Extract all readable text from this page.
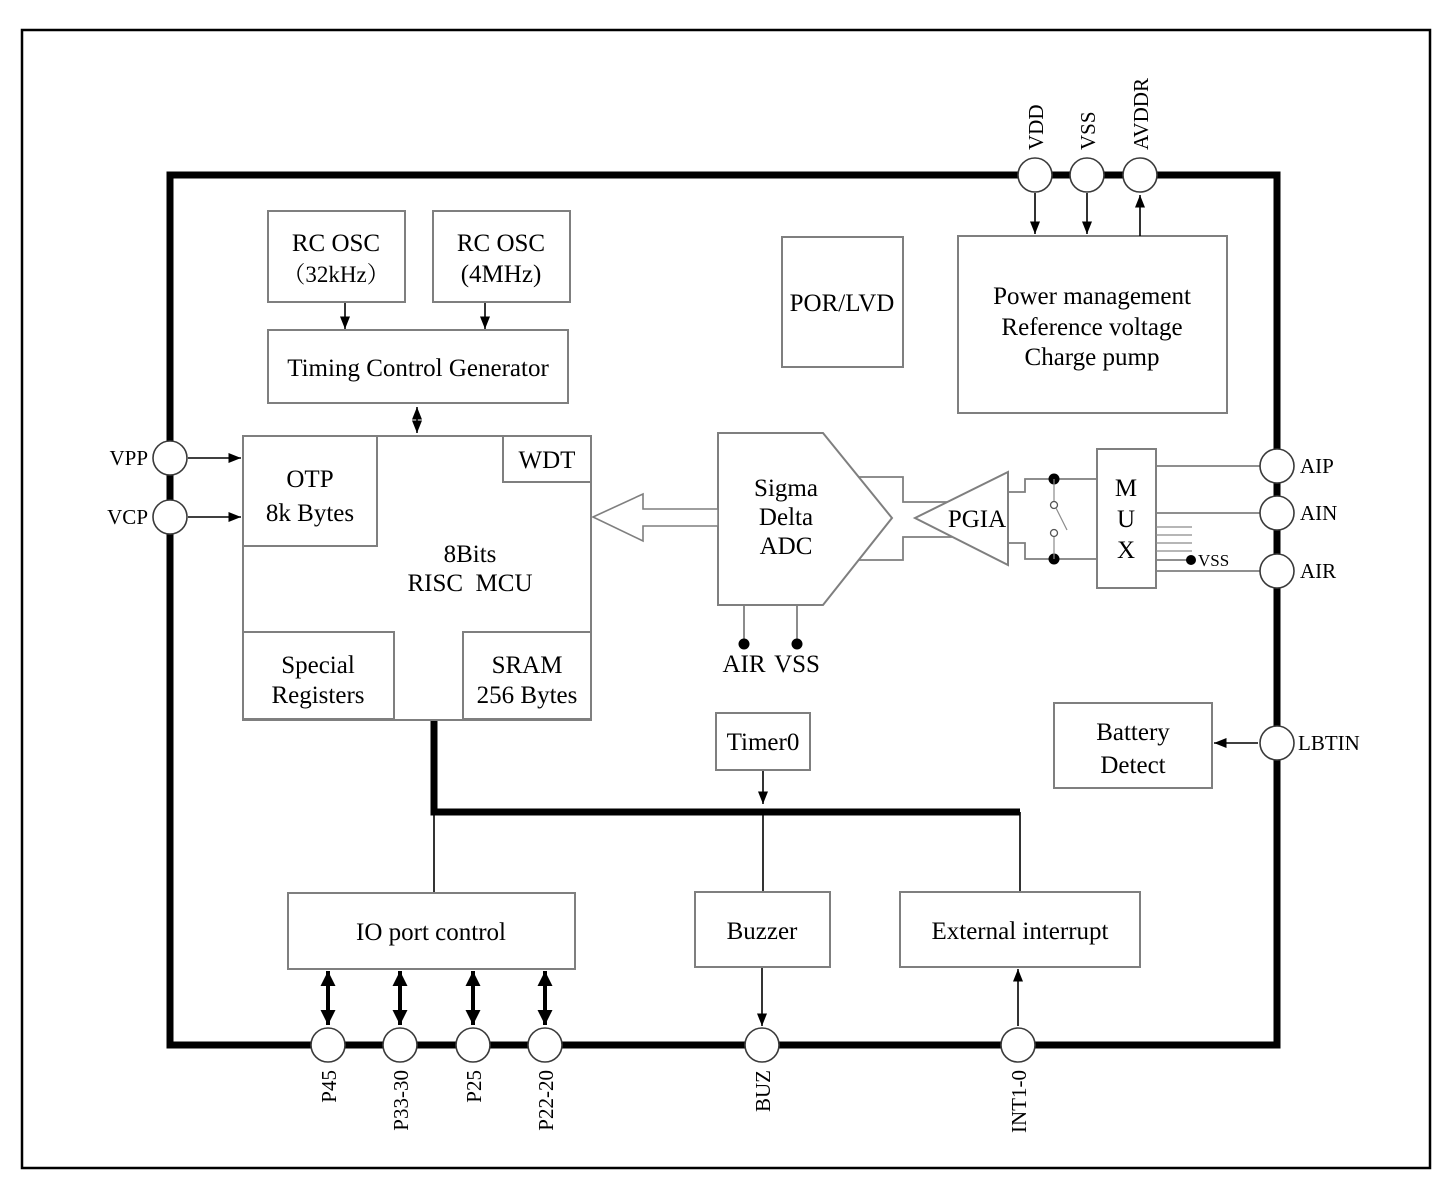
RC OSC
（32kHz）
RC OSC
(4MHz)
Timing Control Generator
POR/LVD	Power management
Reference voltage
Charge pump
8Bits
RISC  MCU
OTP
8k Bytes
WDT
Special
Registers
SRAM
256 Bytes
Sigma
Delta
ADC
AIR VSS
PGIA
M
U
X	VSS
Battery
Detect
Timer0
IO port control	Buzzer	External interrupt
VDD VSS AVDDR
VPP
VCP
AIP
AIN
AIR
LBTIN
P45 P33-30 P25 P22-20	BUZ	INT1-0
